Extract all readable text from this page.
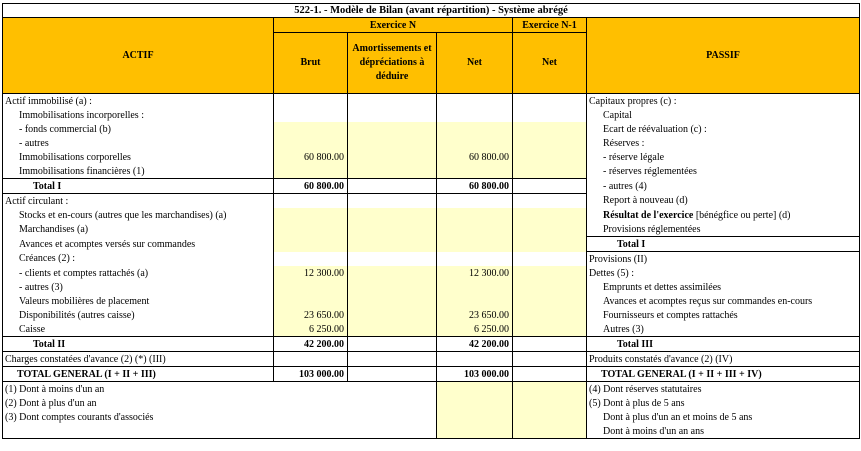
522-1. - Modèle de Bilan (avant répartition) - Système abrégé					
ACTIF	Exercice N			Exercice N-1	PASSIF
	Brut	Amortissements et dépréciations à déduire	Net	Net	
Actif immobilisé (a) :					Capitaux propres (c) :
Immobilisations incorporelles :					Capital
- fonds commercial (b)					Ecart de réévaluation (c) :
- autres					Réserves :
Immobilisations corporelles	60 800.00		60 800.00		- réserve légale
Immobilisations financières (1)					- réserves réglementées
Total I	60 800.00		60 800.00		- autres (4)
Actif circulant :					Report à nouveau (d)
Stocks et en-cours (autres que les marchandises) (a)					Résultat de l'exercice [bénégfice ou perte] (d)
Marchandises (a)					Provisions réglementées
Avances et acomptes versés sur commandes					Total I
Créances (2) :					Provisions (II)
- clients et comptes rattachés (a)	12 300.00		12 300.00		Dettes (5) :
- autres (3)					Emprunts et dettes assimilées
Valeurs mobilières de placement					Avances et acomptes reçus sur commandes en-cours
Disponibilités (autres caisse)	23 650.00		23 650.00		Fournisseurs et comptes rattachés
Caisse	6 250.00		6 250.00		Autres (3)
Total II	42 200.00		42 200.00		Total III
Charges constatées d'avance (2) (*) (III)					Produits constatés d'avance (2) (IV)
TOTAL GENERAL (I + II + III)	103 000.00		103 000.00		TOTAL GENERAL (I + II + III + IV)
(1) Dont à moins d'un an					(4) Dont réserves statutaires
(2) Dont à plus d'un an					(5) Dont à plus de 5 ans
(3) Dont comptes courants d'associés					Dont à plus d'un an et moins de 5 ans
					Dont à moins d'un an ans
